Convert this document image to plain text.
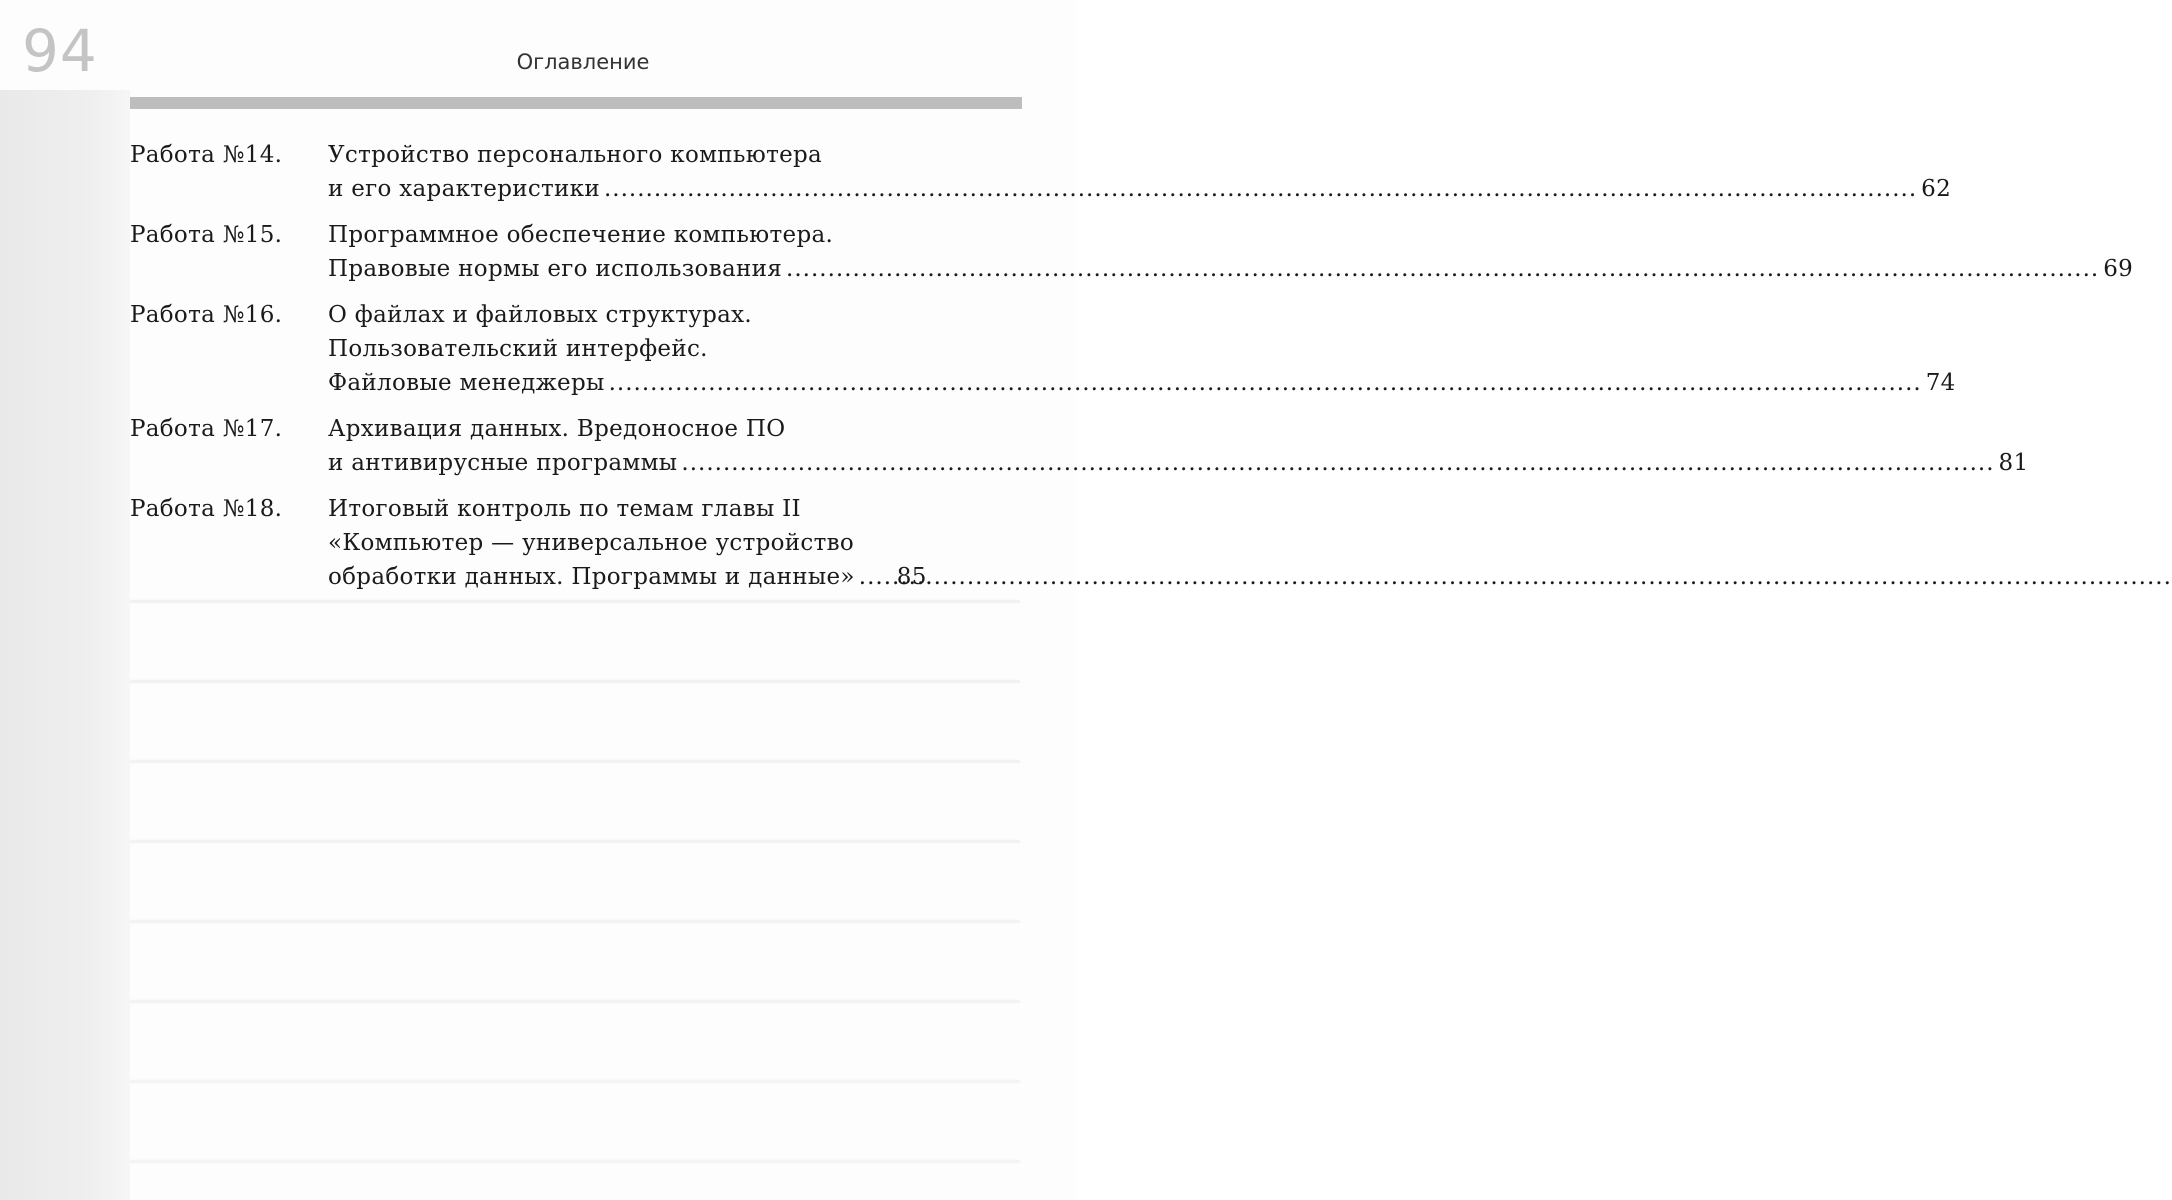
94	Оглавление
Работа №14.	Устройство персонального компьютера
и его характеристики .....	62
Работа №15.	Программное обеспечение компьютера.
Правовые нормы его использования .....	69
Работа №16.	О файлах и файловых структурах.
Пользовательский интерфейс.
Файловые менеджеры .....	74
Работа №17.	Архивация данных. Вредоносное ПО
и антивирусные программы .....	81
Работа №18.	Итоговый контроль по темам главы II
«Компьютер — универсальное устройство
обработки данных. Программы и данные» ..... 85
